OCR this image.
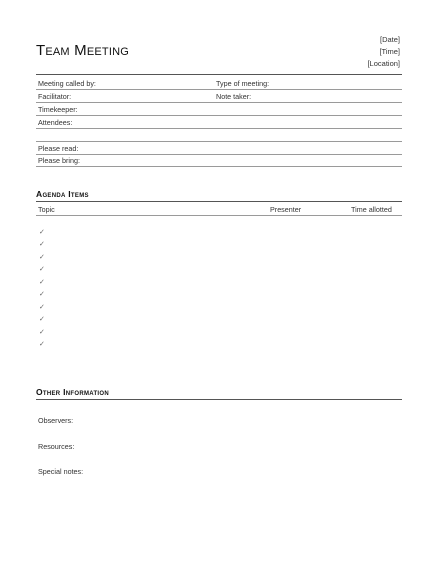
Team Meeting
[Date]
[Time]
[Location]
Meeting called by:	Type of meeting:
Facilitator:	Note taker:
Timekeeper:
Attendees:
Please read:
Please bring:
Agenda Items
Topic	Presenter	Time allotted
✓
✓
✓
✓
✓
✓
✓
✓
✓
✓
Other Information
Observers:
Resources:
Special notes:
